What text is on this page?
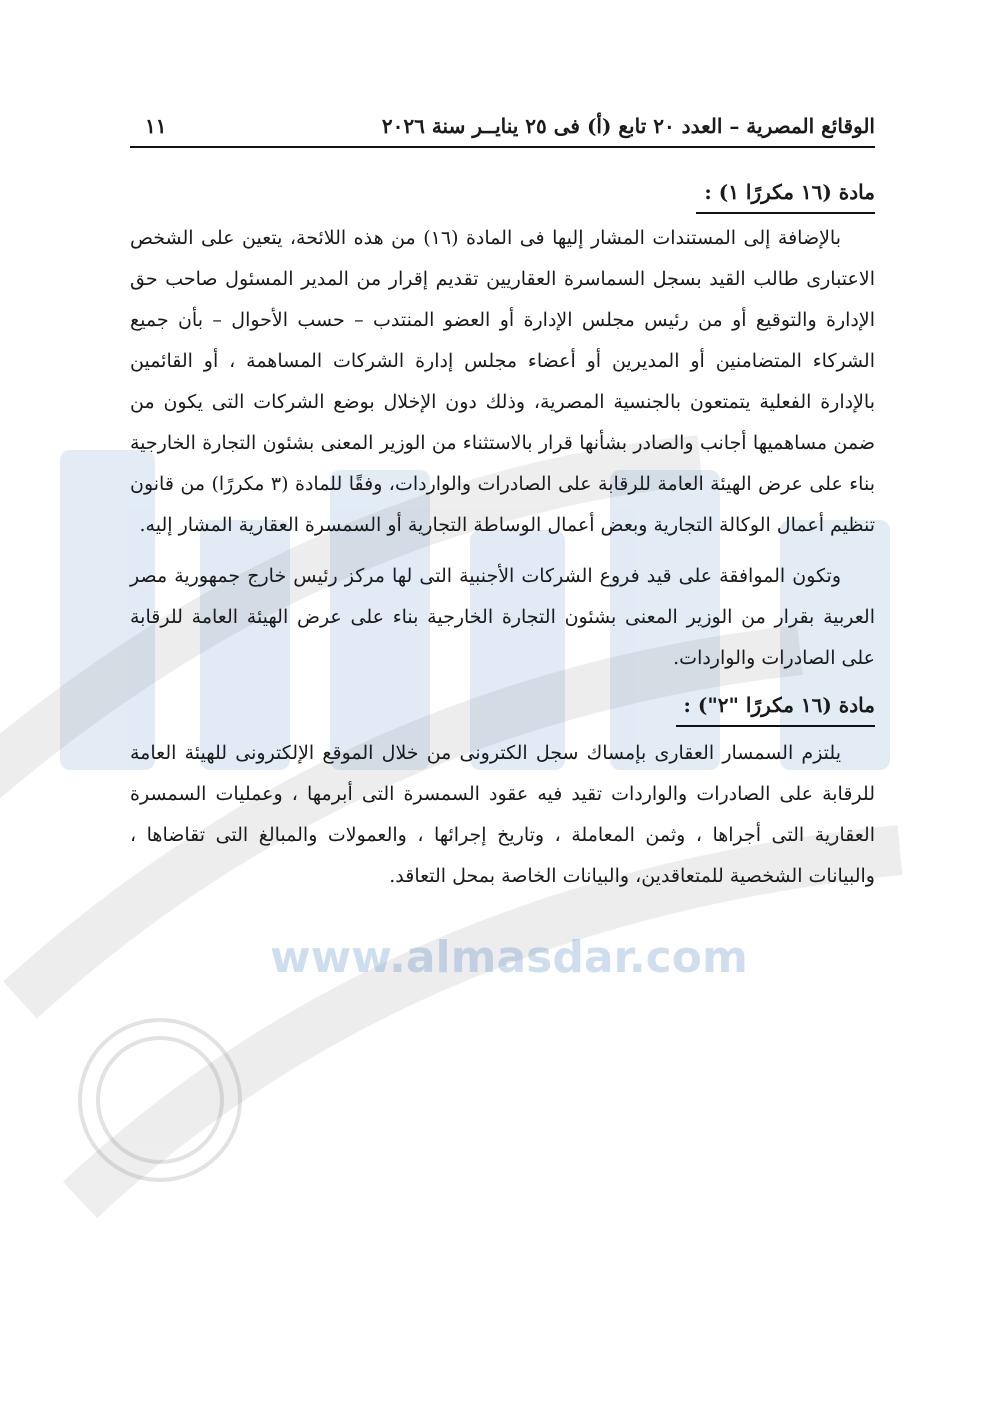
www.almasdar.com
الوقائع المصرية – العدد ٢٠ تابع (أ) فى ٢٥ ينايــر سنة ٢٠٢٦
١١
مادة (١٦ مكررًا ١) :

بالإضافة إلى المستندات المشار إليها فى المادة (١٦) من هذه اللائحة، يتعين على الشخص الاعتبارى طالب القيد بسجل السماسرة العقاريين تقديم إقرار من المدير المسئول صاحب حق الإدارة والتوقيع أو من رئيس مجلس الإدارة أو العضو المنتدب – حسب الأحوال – بأن جميع الشركاء المتضامنين أو المديرين أو أعضاء مجلس إدارة الشركات المساهمة ، أو القائمين بالإدارة الفعلية يتمتعون بالجنسية المصرية، وذلك دون الإخلال بوضع الشركات التى يكون من ضمن مساهميها أجانب والصادر بشأنها قرار بالاستثناء من الوزير المعنى بشئون التجارة الخارجية بناء على عرض الهيئة العامة للرقابة على الصادرات والواردات، وفقًا للمادة (٣ مكررًا) من قانون تنظيم أعمال الوكالة التجارية وبعض أعمال الوساطة التجارية أو السمسرة العقارية المشار إليه.

وتكون الموافقة على قيد فروع الشركات الأجنبية التى لها مركز رئيس خارج جمهورية مصر العربية بقرار من الوزير المعنى بشئون التجارة الخارجية بناء على عرض الهيئة العامة للرقابة على الصادرات والواردات.

مادة (١٦ مكررًا "٢") :

يلتزم السمسار العقارى بإمساك سجل الكترونى من خلال الموقع الإلكترونى للهيئة العامة للرقابة على الصادرات والواردات تقيد فيه عقود السمسرة التى أبرمها ، وعمليات السمسرة العقارية التى أجراها ، وثمن المعاملة ، وتاريخ إجرائها ، والعمولات والمبالغ التى تقاضاها ، والبيانات الشخصية للمتعاقدين، والبيانات الخاصة بمحل التعاقد.
